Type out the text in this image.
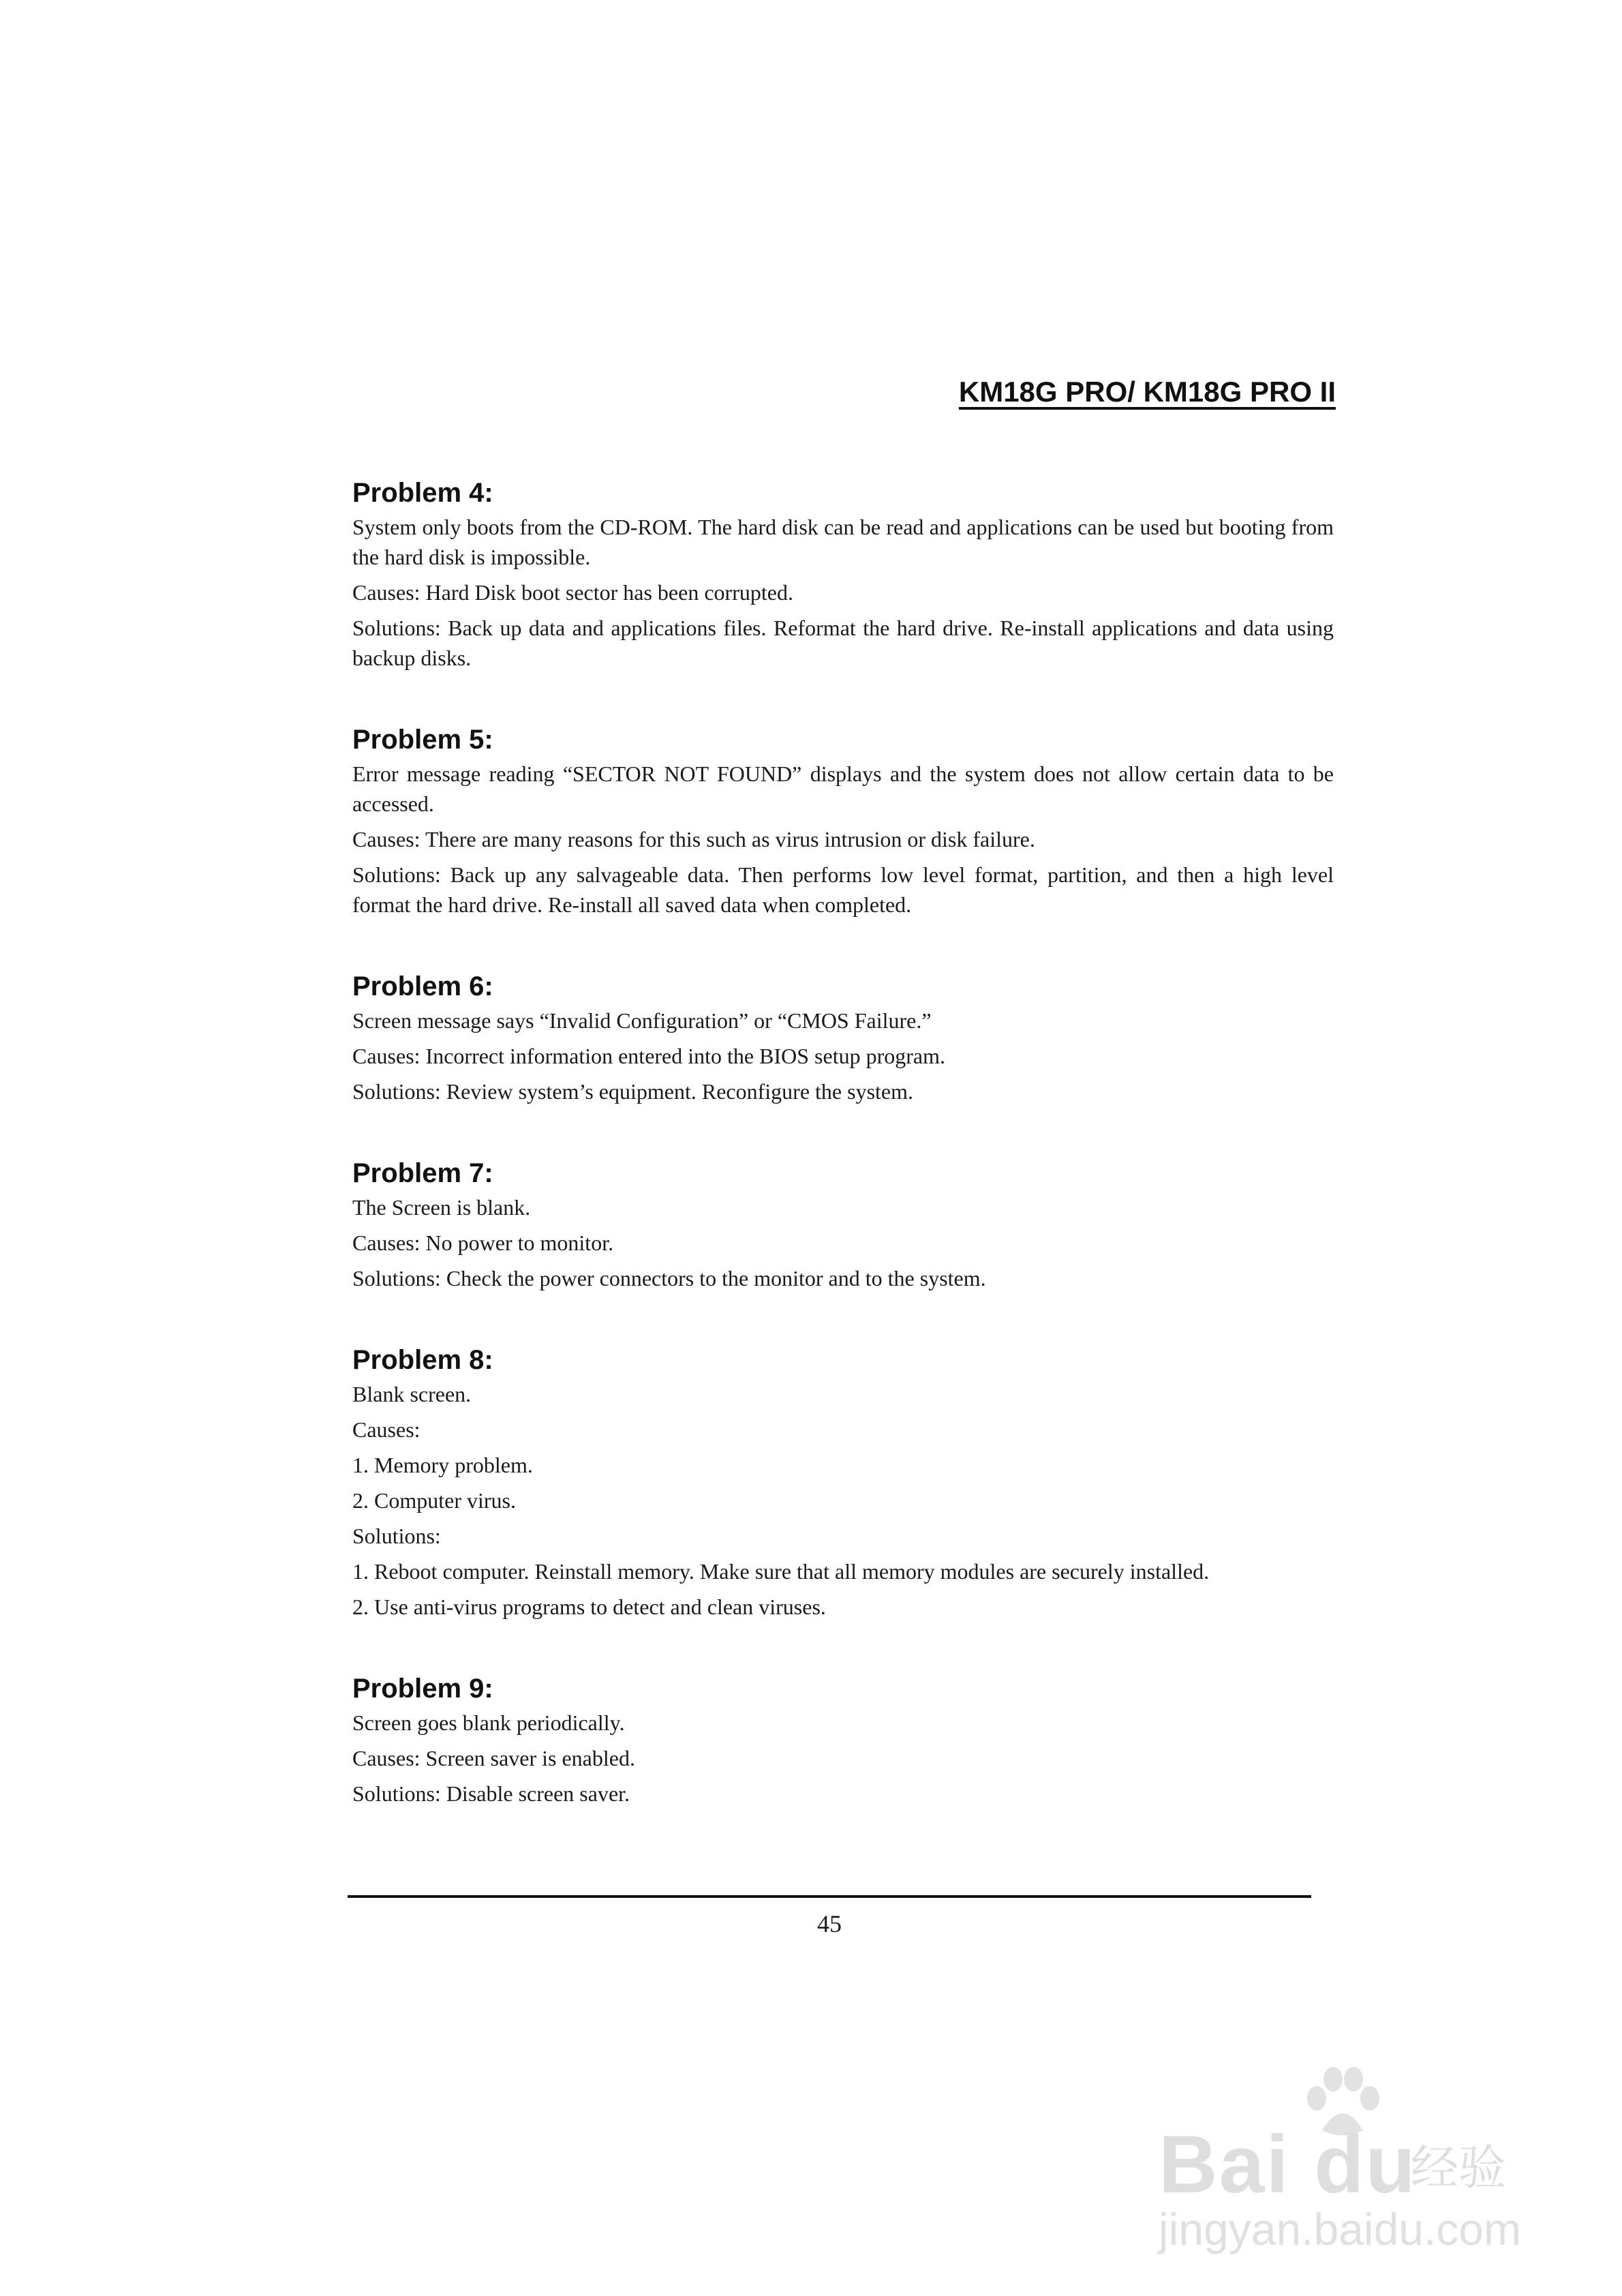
KM18G PRO/ KM18G PRO II
Problem 4:

System only boots from the CD-ROM. The hard disk can be read and applications can be used but booting from the hard disk is impossible.

Causes: Hard Disk boot sector has been corrupted.

Solutions: Back up data and applications files. Reformat the hard drive. Re-install applications and data using backup disks.

Problem 5:

Error message reading “SECTOR NOT FOUND” displays and the system does not allow certain data to be accessed.

Causes: There are many reasons for this such as virus intrusion or disk failure.

Solutions: Back up any salvageable data. Then performs low level format, partition, and then a high level format the hard drive. Re-install all saved data when completed.

Problem 6:

Screen message says “Invalid Configuration” or “CMOS Failure.”

Causes: Incorrect information entered into the BIOS setup program.

Solutions: Review system’s equipment. Reconfigure the system.

Problem 7:

The Screen is blank.

Causes: No power to monitor.

Solutions: Check the power connectors to the monitor and to the system.

Problem 8:

Blank screen.

Causes:

1. Memory problem.

2. Computer virus.

Solutions:

1. Reboot computer. Reinstall memory. Make sure that all memory modules are securely installed.

2. Use anti-virus programs to detect and clean viruses.

Problem 9:

Screen goes blank periodically.

Causes: Screen saver is enabled.

Solutions: Disable screen saver.

45
Bai du
经验
jingyan.baidu.com
